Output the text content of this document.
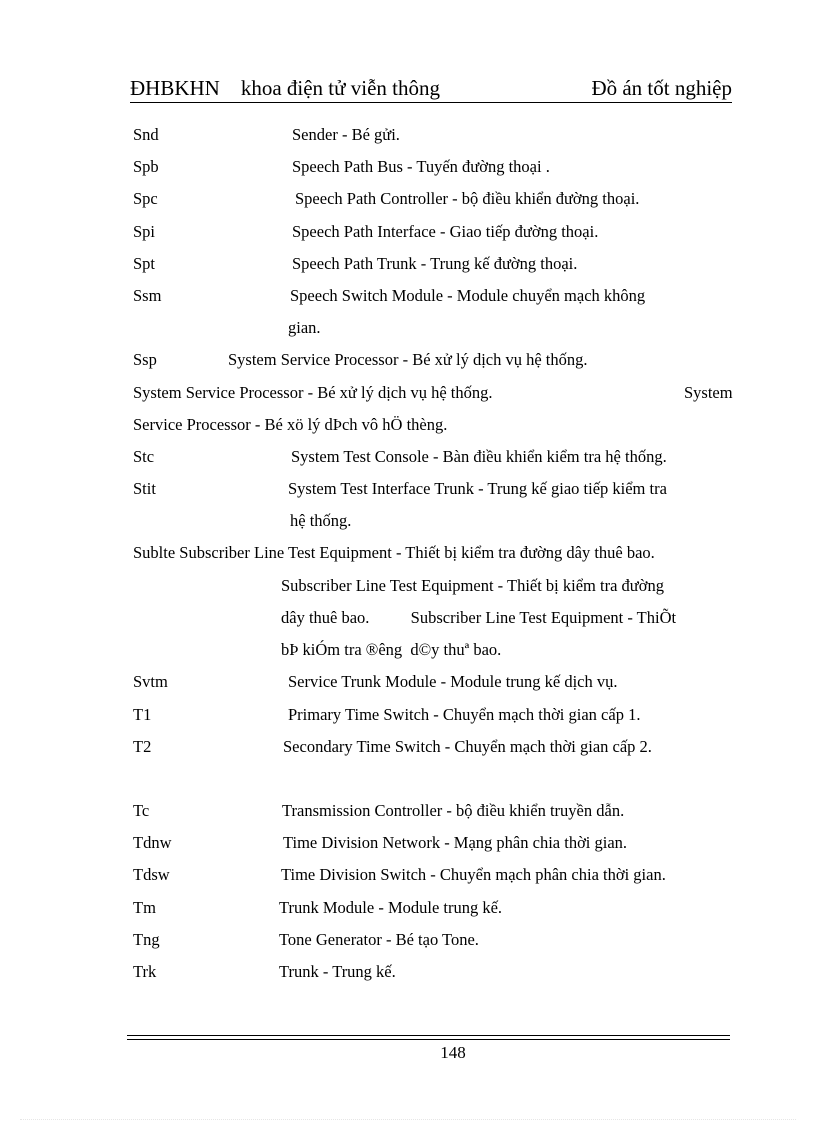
ĐHBKHN    khoa điện tử viễn thông	Đồ án tốt nghiệp
Snd	Sender - Bé gửi.
Spb	Speech Path Bus - Tuyến đường thoại .
Spc	Speech Path Controller - bộ điều khiển đường thoại.
Spi	Speech Path Interface - Giao tiếp đường thoại.
Spt	Speech Path Trunk - Trung kế đường thoại.
Ssm	Speech Switch Module - Module chuyển mạch không
gian.
Ssp	System Service Processor - Bé xử lý dịch vụ hệ thống.
System Service Processor - Bé xử lý dịch vụ hệ thống.	System
Service Processor - Bé xö lý dÞch vô hÖ thèng.
Stc	System Test Console - Bàn điều khiển kiểm tra hệ thống.
Stit	System Test Interface Trunk - Trung kế giao tiếp kiểm tra
hệ thống.
Sublte Subscriber Line Test Equipment - Thiết bị kiểm tra đường dây thuê bao.
Subscriber Line Test Equipment - Thiết bị kiểm tra đường
dây thuê bao.          Subscriber Line Test Equipment - ThiÕt
bÞ kiÓm tra ®êng  d©y thuª bao.
Svtm	Service Trunk Module - Module trung kế dịch vụ.
T1	Primary Time Switch - Chuyển mạch thời gian cấp 1.
T2	Secondary Time Switch - Chuyển mạch thời gian cấp 2.
Tc	Transmission Controller - bộ điều khiển truyền dẫn.
Tdnw	Time Division Network - Mạng phân chia thời gian.
Tdsw	Time Division Switch - Chuyển mạch phân chia thời gian.
Tm	Trunk Module - Module trung kế.
Tng	Tone Generator - Bé tạo Tone.
Trk	Trunk - Trung kế.
148
